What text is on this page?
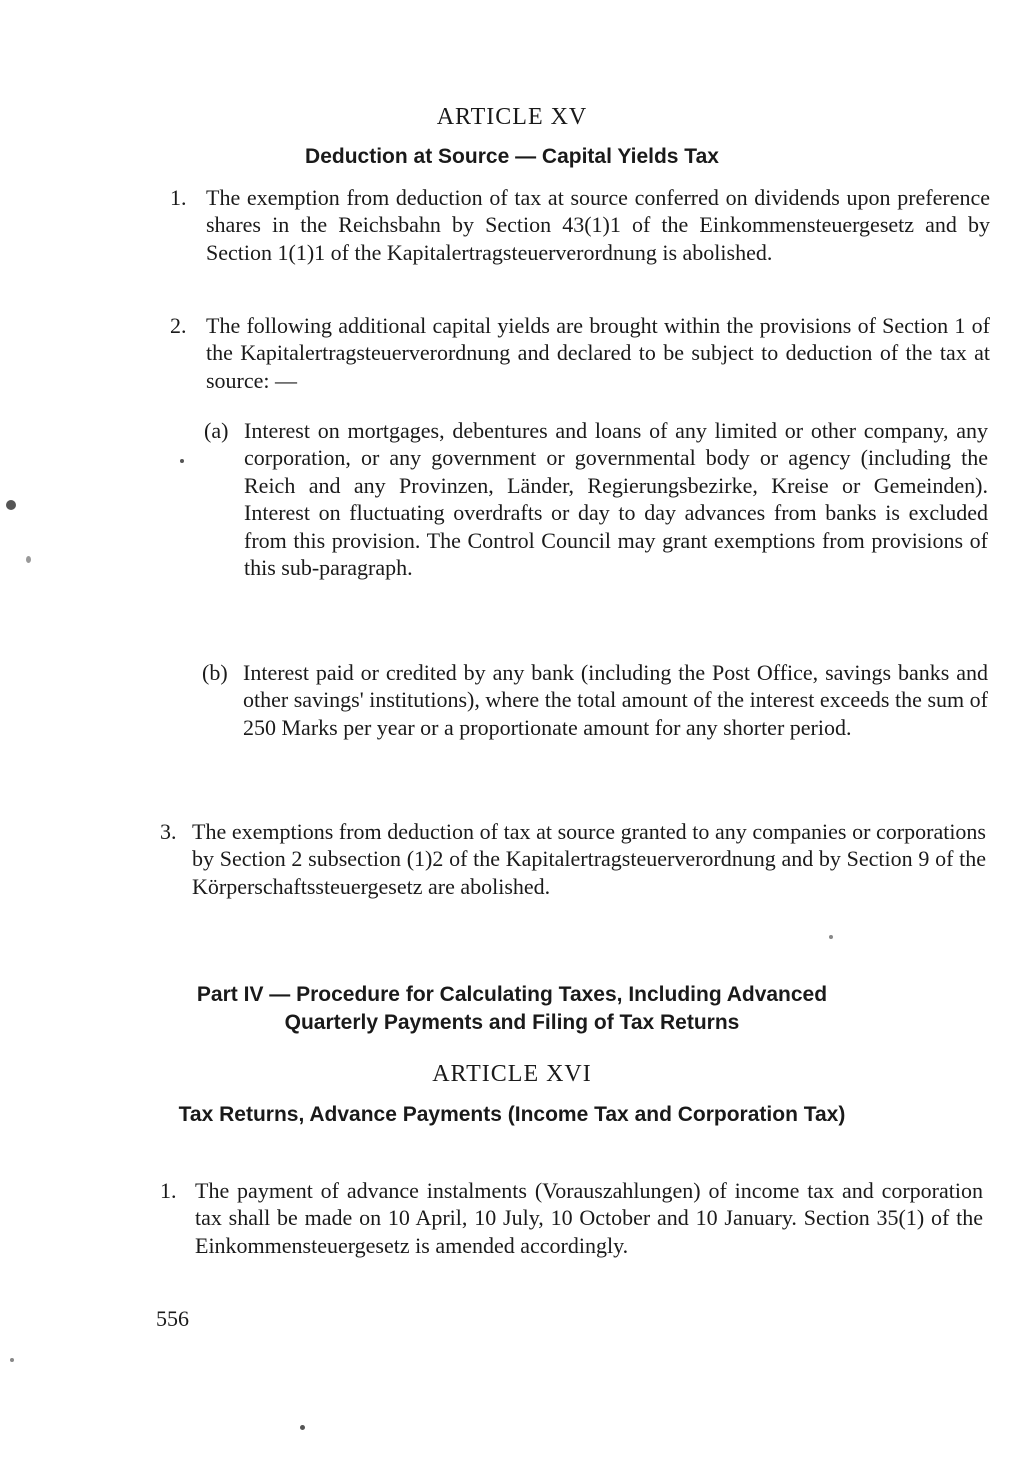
ARTICLE XV
Deduction at Source — Capital Yields Tax
1. The exemption from deduction of tax at source conferred on dividends upon preference shares in the Reichsbahn by Section 43(1)1 of the Einkommensteuergesetz and by Section 1(1)1 of the Kapitalertragsteuerverordnung is abolished.
2. The following additional capital yields are brought within the provisions of Section 1 of the Kapitalertragsteuerverordnung and declared to be subject to deduction of the tax at source: —
(a) Interest on mortgages, debentures and loans of any limited or other company, any corporation, or any government or governmental body or agency (including the Reich and any Provinzen, Länder, Regierungsbezirke, Kreise or Gemeinden). Interest on fluctuating overdrafts or day to day advances from banks is excluded from this provision. The Control Council may grant exemptions from provisions of this sub-paragraph.
(b) Interest paid or credited by any bank (including the Post Office, savings banks and other savings' institutions), where the total amount of the interest exceeds the sum of 250 Marks per year or a proportionate amount for any shorter period.
3. The exemptions from deduction of tax at source granted to any companies or corporations by Section 2 subsection (1)2 of the Kapitalertragsteuerverordnung and by Section 9 of the Körperschaftssteuergesetz are abolished.
Part IV — Procedure for Calculating Taxes, Including Advanced
Quarterly Payments and Filing of Tax Returns
ARTICLE XVI
Tax Returns, Advance Payments (Income Tax and Corporation Tax)
1. The payment of advance instalments (Vorauszahlungen) of income tax and corporation tax shall be made on 10 April, 10 July, 10 October and 10 January. Section 35(1) of the Einkommensteuergesetz is amended accordingly.
556
